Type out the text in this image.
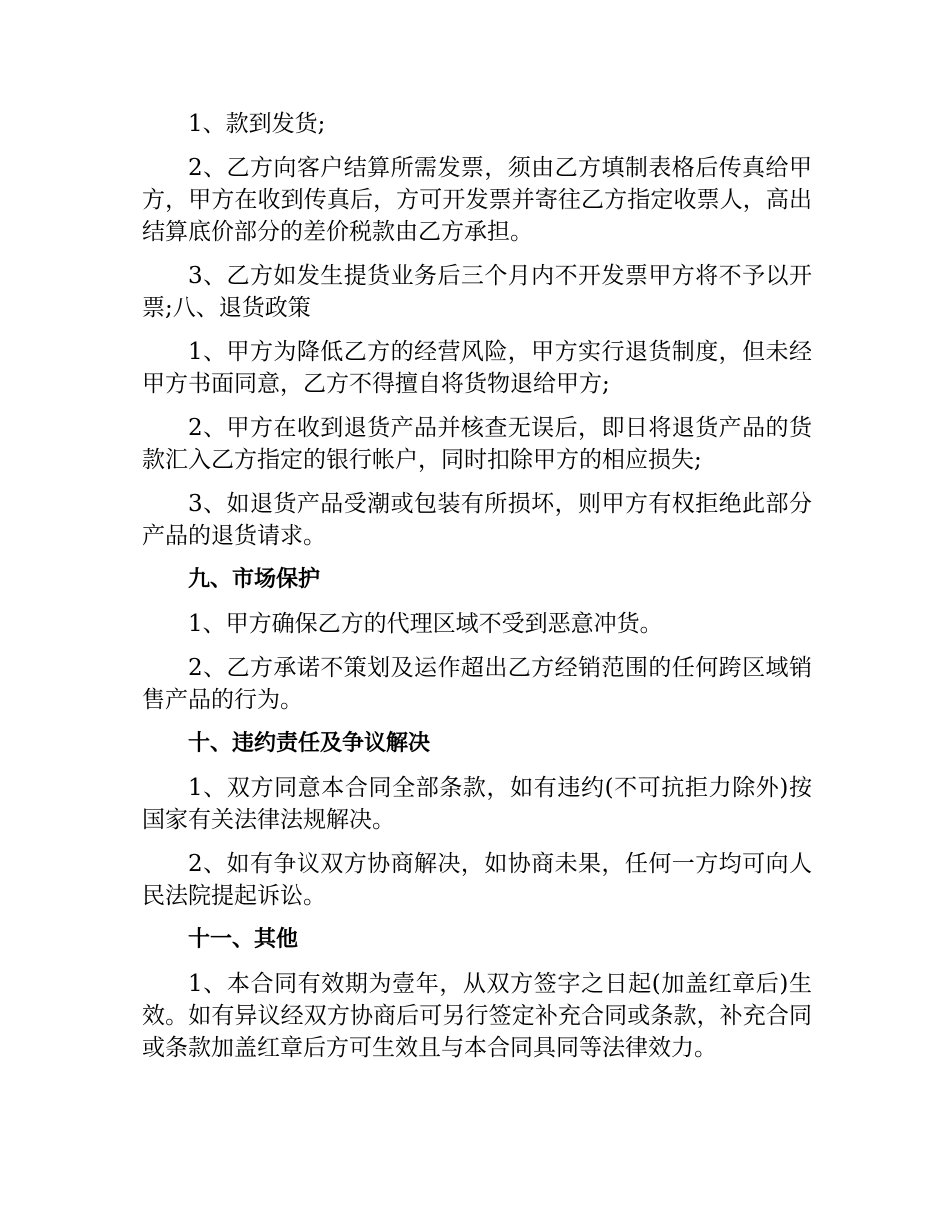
1、款到发货;

2、乙方向客户结算所需发票，须由乙方填制表格后传真给甲方，甲方在收到传真后，方可开发票并寄往乙方指定收票人，高出结算底价部分的差价税款由乙方承担。

3、乙方如发生提货业务后三个月内不开发票甲方将不予以开票;八、退货政策

1、甲方为降低乙方的经营风险，甲方实行退货制度，但未经甲方书面同意，乙方不得擅自将货物退给甲方;

2、甲方在收到退货产品并核查无误后，即日将退货产品的货款汇入乙方指定的银行帐户，同时扣除甲方的相应损失;

3、如退货产品受潮或包装有所损坏，则甲方有权拒绝此部分产品的退货请求。

九、市场保护

1、甲方确保乙方的代理区域不受到恶意冲货。

2、乙方承诺不策划及运作超出乙方经销范围的任何跨区域销售产品的行为。

十、违约责任及争议解决

1、双方同意本合同全部条款，如有违约(不可抗拒力除外)按国家有关法律法规解决。

2、如有争议双方协商解决，如协商未果，任何一方均可向人民法院提起诉讼。

十一、其他

1、本合同有效期为壹年，从双方签字之日起(加盖红章后)生效。如有异议经双方协商后可另行签定补充合同或条款，补充合同或条款加盖红章后方可生效且与本合同具同等法律效力。
